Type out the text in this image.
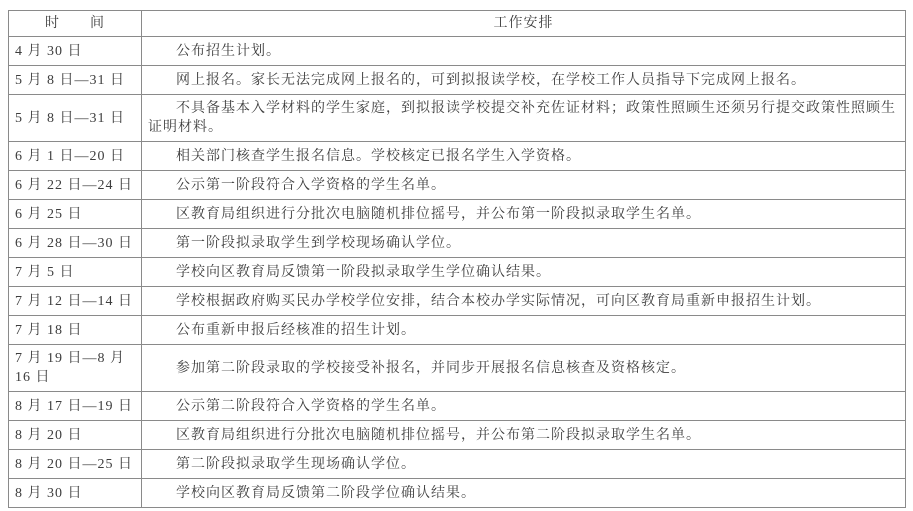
时　　间	工作安排
4 月 30 日	公布招生计划。
5 月 8 日—31 日	网上报名。家长无法完成网上报名的，可到拟报读学校，在学校工作人员指导下完成网上报名。
5 月 8 日—31 日	不具备基本入学材料的学生家庭，到拟报读学校提交补充佐证材料；政策性照顾生还须另行提交政策性照顾生证明材料。
6 月 1 日—20 日	相关部门核查学生报名信息。学校核定已报名学生入学资格。
6 月 22 日—24 日	公示第一阶段符合入学资格的学生名单。
6 月 25 日	区教育局组织进行分批次电脑随机排位摇号，并公布第一阶段拟录取学生名单。
6 月 28 日—30 日	第一阶段拟录取学生到学校现场确认学位。
7 月 5 日	学校向区教育局反馈第一阶段拟录取学生学位确认结果。
7 月 12 日—14 日	学校根据政府购买民办学校学位安排，结合本校办学实际情况，可向区教育局重新申报招生计划。
7 月 18 日	公布重新申报后经核准的招生计划。
7 月 19 日—8 月 16 日	参加第二阶段录取的学校接受补报名，并同步开展报名信息核查及资格核定。
8 月 17 日—19 日	公示第二阶段符合入学资格的学生名单。
8 月 20 日	区教育局组织进行分批次电脑随机排位摇号，并公布第二阶段拟录取学生名单。
8 月 20 日—25 日	第二阶段拟录取学生现场确认学位。
8 月 30 日	学校向区教育局反馈第二阶段学位确认结果。
